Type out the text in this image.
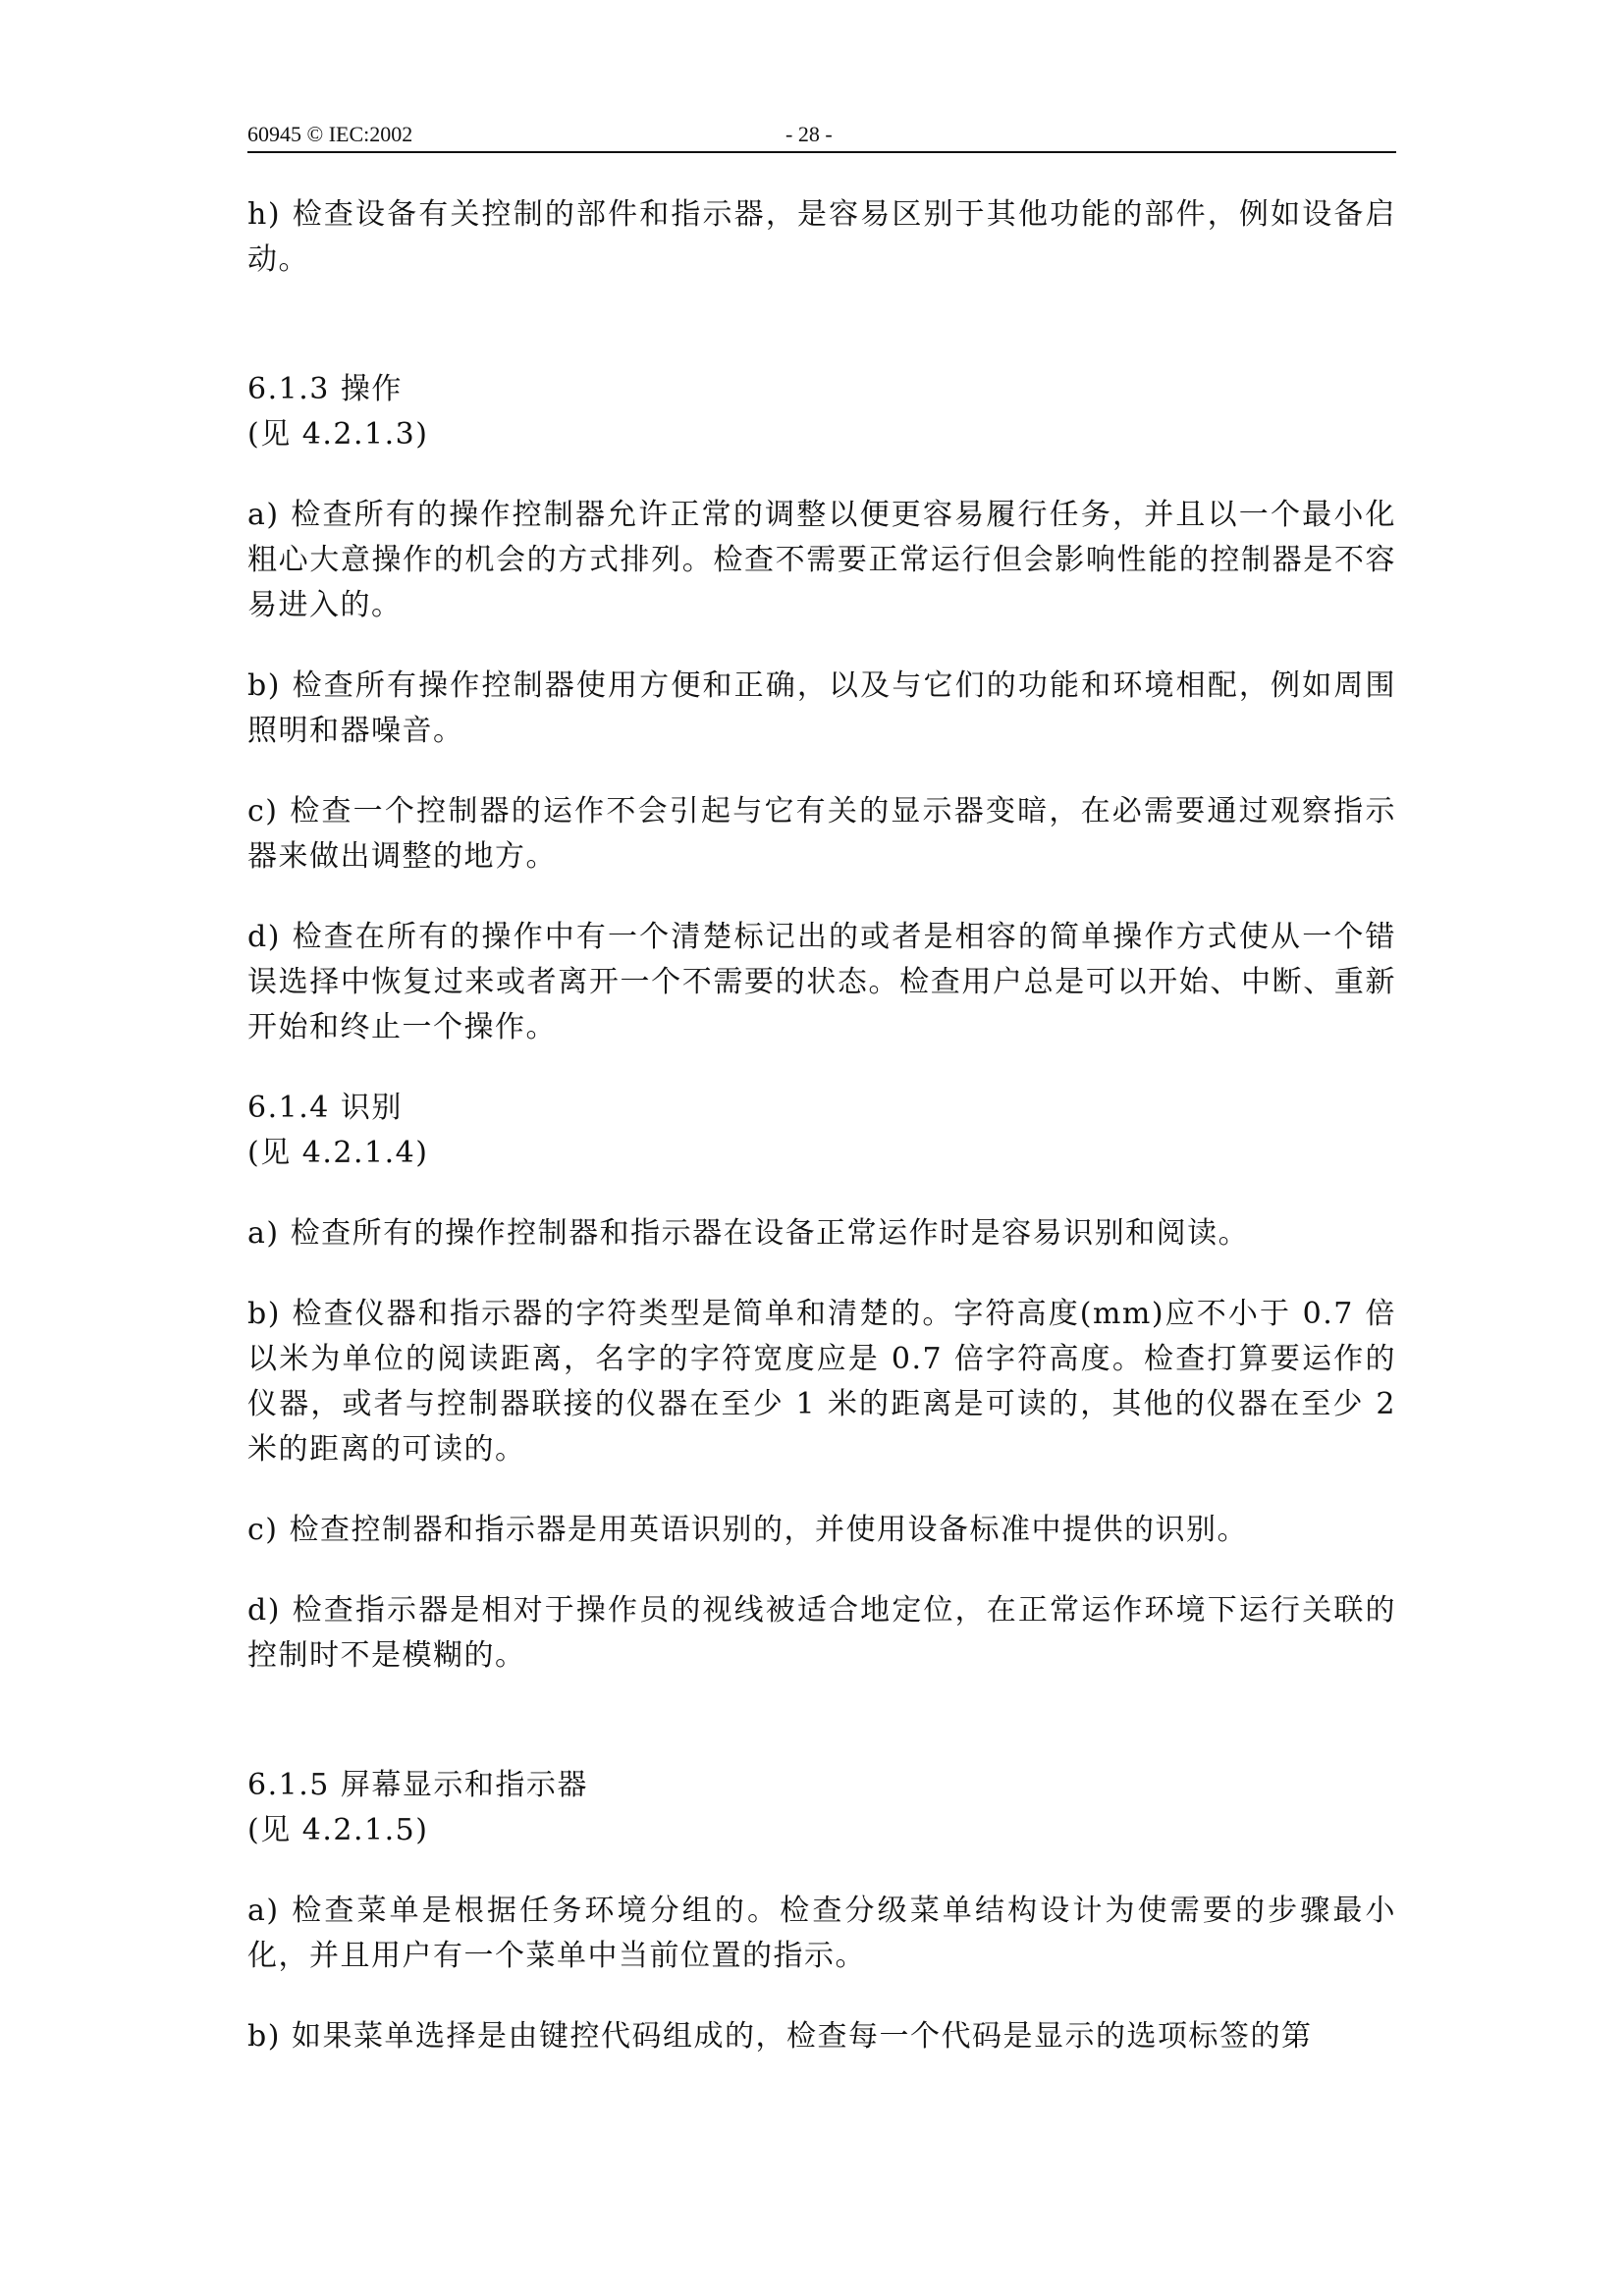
60945 © IEC:2002	- 28 -

h) 检查设备有关控制的部件和指示器，是容易区别于其他功能的部件，例如设备启动。

6.1.3 操作

(见 4.2.1.3)

a) 检查所有的操作控制器允许正常的调整以便更容易履行任务，并且以一个最小化粗心大意操作的机会的方式排列。检查不需要正常运行但会影响性能的控制器是不容易进入的。

b) 检查所有操作控制器使用方便和正确，以及与它们的功能和环境相配，例如周围照明和器噪音。

c) 检查一个控制器的运作不会引起与它有关的显示器变暗，在必需要通过观察指示器来做出调整的地方。

d) 检查在所有的操作中有一个清楚标记出的或者是相容的简单操作方式使从一个错误选择中恢复过来或者离开一个不需要的状态。检查用户总是可以开始、中断、重新开始和终止一个操作。

6.1.4 识别

(见 4.2.1.4)

a) 检查所有的操作控制器和指示器在设备正常运作时是容易识别和阅读。

b) 检查仪器和指示器的字符类型是简单和清楚的。字符高度(mm)应不小于 0.7 倍以米为单位的阅读距离，名字的字符宽度应是 0.7 倍字符高度。检查打算要运作的仪器，或者与控制器联接的仪器在至少 1 米的距离是可读的，其他的仪器在至少 2 米的距离的可读的。

c) 检查控制器和指示器是用英语识别的，并使用设备标准中提供的识别。

d) 检查指示器是相对于操作员的视线被适合地定位，在正常运作环境下运行关联的控制时不是模糊的。

6.1.5 屏幕显示和指示器

(见 4.2.1.5)

a) 检查菜单是根据任务环境分组的。检查分级菜单结构设计为使需要的步骤最小化，并且用户有一个菜单中当前位置的指示。

b) 如果菜单选择是由键控代码组成的，检查每一个代码是显示的选项标签的第
